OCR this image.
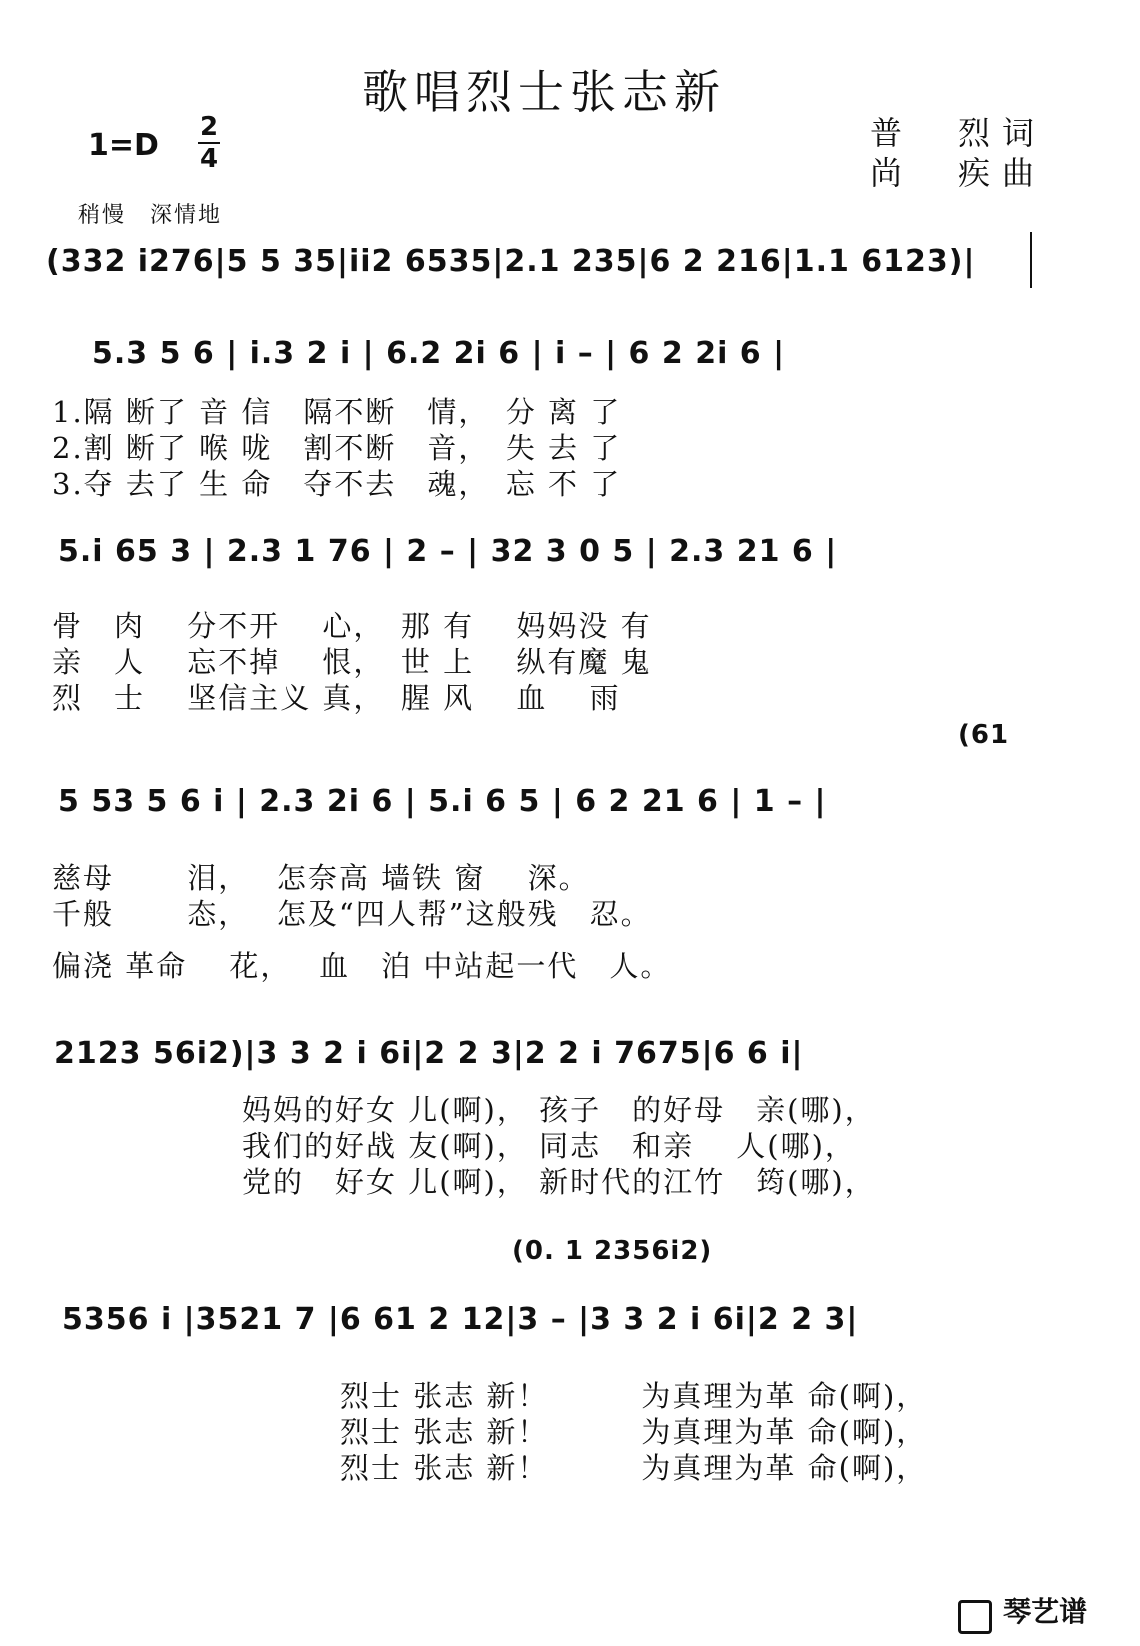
歌唱烈士张志新
普　烈词
尚　疾曲
1=D
2
4
稍慢　深情地
(332 i276|5 5 35|ii2 6535|2.1 235|6 2 216|1.1 6123)|
5.3 5 6 | i.3 2 i | 6.2 2i 6 | i – | 6 2 2i 6 |
1.隔 断了 音 信　隔不断　情，　分 离 了
2.割 断了 喉 咙　割不断　音，　失 去 了
3.夺 去了 生 命　夺不去　魂，　忘 不 了
5.i 65 3 | 2.3 1 76 | 2 – | 32 3 0 5 | 2.3 21 6 |
骨　肉　 分不开　 心，　那 有　 妈妈没 有
亲　人　 忘不掉　 恨，　世 上　 纵有魔 鬼
烈　士　 坚信主义 真，　腥 风　 血　 雨
(61
5 53 5 6 i | 2.3 2i 6 | 5.i 6 5 | 6 2 21 6 | 1 – |
慈母　　 泪，　 怎奈高 墙铁 窗　 深。
千般　　 态，　 怎及“四人帮”这般残　忍。
偏浇 革命　 花，　 血　泊 中站起一代　人。
2123 56i2)|3 3 2 i 6i|2 2 3|2 2 i 7675|6 6 i|
妈妈的好女 儿(啊)， 孩子　的好母　亲(哪)，
我们的好战 友(啊)， 同志　和亲　 人(哪)，
党的　好女 儿(啊)， 新时代的江竹　筠(哪)，
(0. 1 2356i2)
5356 i |3521 7 |6 61 2 12|3 – |3 3 2 i 6i|2 2 3|
烈士 张志 新！　　　为真理为革 命(啊)，
烈士 张志 新！　　　为真理为革 命(啊)，
烈士 张志 新！　　　为真理为革 命(啊)，
琴艺谱
